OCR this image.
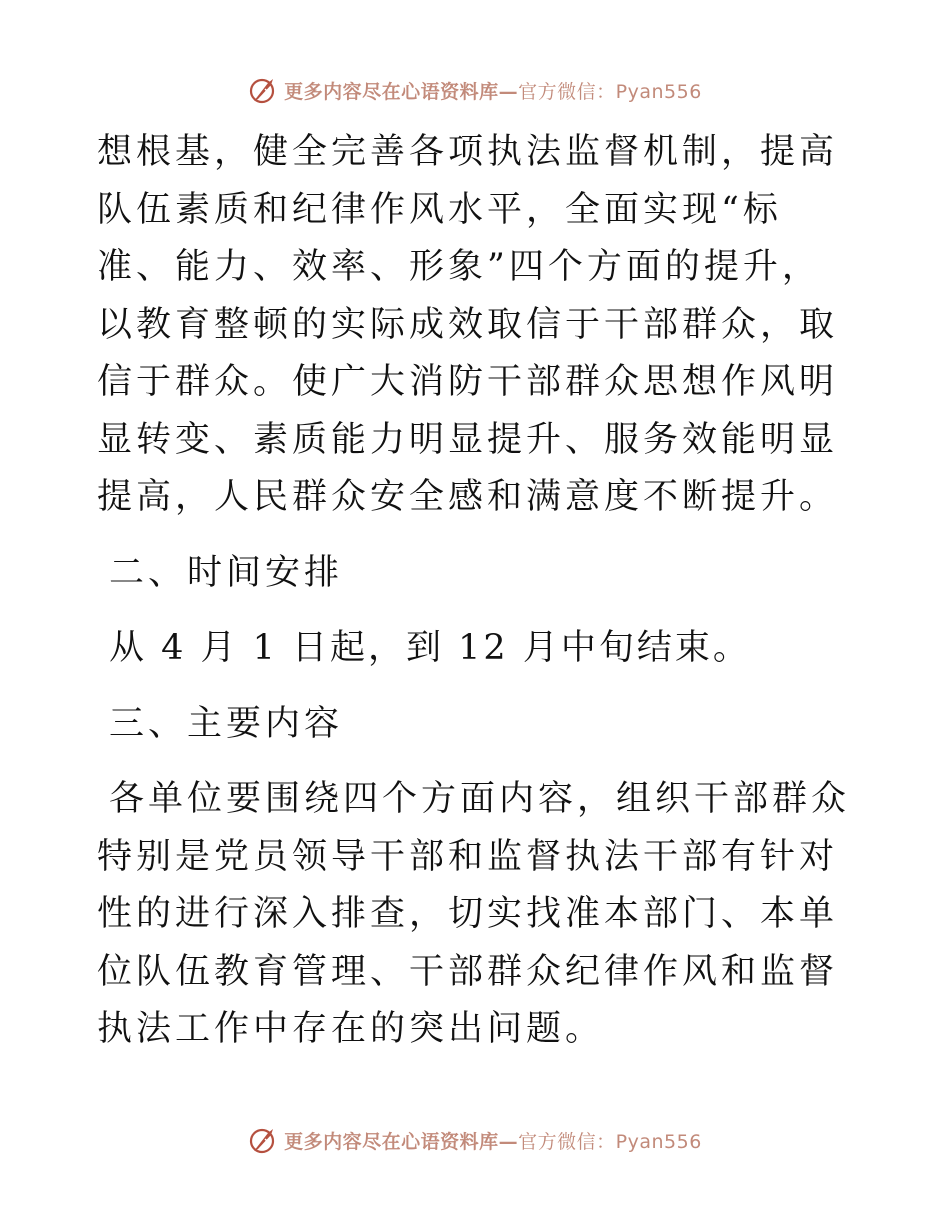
更多内容尽在心语资料库—官方微信：Pyan556

想根基，健全完善各项执法监督机制，提高队伍素质和纪律作风水平，全面实现“标准、能力、效率、形象”四个方面的提升，以教育整顿的实际成效取信于干部群众，取信于群众。使广大消防干部群众思想作风明显转变、素质能力明显提升、服务效能明显提高，人民群众安全感和满意度不断提升。

二、时间安排

从 4 月 1 日起，到 12 月中旬结束。

三、主要内容

各单位要围绕四个方面内容，组织干部群众特别是党员领导干部和监督执法干部有针对性的进行深入排查，切实找准本部门、本单位队伍教育管理、干部群众纪律作风和监督执法工作中存在的突出问题。

更多内容尽在心语资料库—官方微信：Pyan556
